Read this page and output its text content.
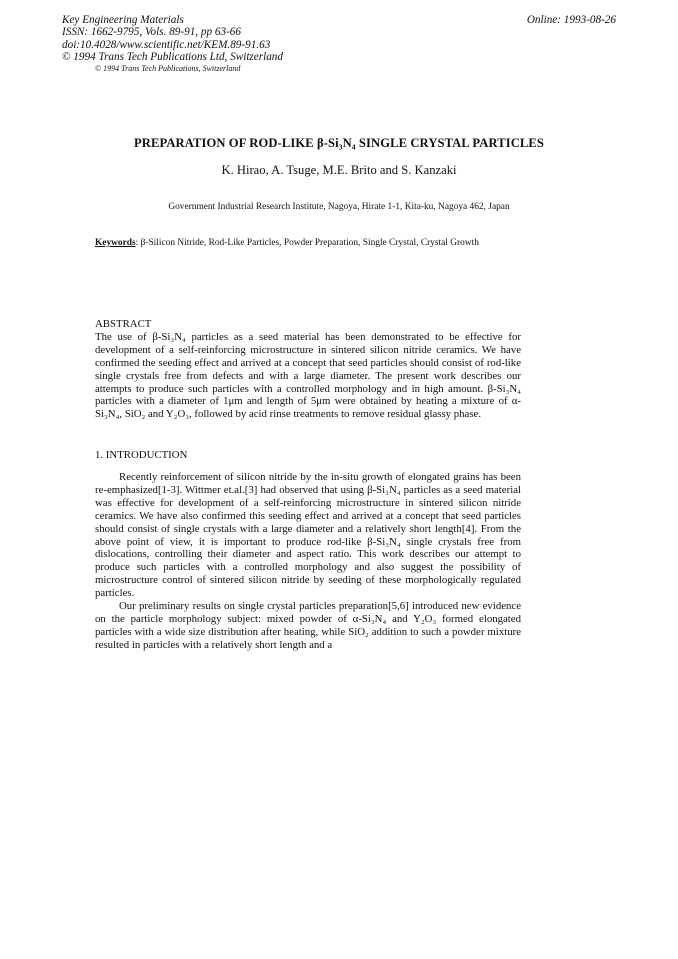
Key Engineering Materials
ISSN: 1662-9795, Vols. 89-91, pp 63-66
doi:10.4028/www.scientific.net/KEM.89-91.63
© 1994 Trans Tech Publications Ltd, Switzerland
© 1994 Trans Tech Publications, Switzerland
Online: 1993-08-26
PREPARATION OF ROD-LIKE β-Si₃N₄ SINGLE CRYSTAL PARTICLES
K. Hirao, A. Tsuge, M.E. Brito and S. Kanzaki
Government Industrial Research Institute, Nagoya, Hirate 1-1, Kita-ku, Nagoya 462, Japan
Keywords: β-Silicon Nitride, Rod-Like Particles, Powder Preparation, Single Crystal, Crystal Growth
ABSTRACT

The use of β-Si₃N₄ particles as a seed material has been demonstrated to be effective for development of a self-reinforcing microstructure in sintered silicon nitride ceramics. We have confirmed the seeding effect and arrived at a concept that seed particles should consist of rod-like single crystals free from defects and with a large diameter. The present work describes our attempts to produce such particles with a controlled morphology and in high amount. β-Si₃N₄ particles with a diameter of 1μm and length of 5μm were obtained by heating a mixture of α-Si₃N₄, SiO₂ and Y₂O₃, followed by acid rinse treatments to remove residual glassy phase.

1. INTRODUCTION

Recently reinforcement of silicon nitride by the in-situ growth of elongated grains has been re-emphasized[1-3]. Wittmer et.al.[3] had observed that using β-Si₃N₄ particles as a seed material was effective for development of a self-reinforcing microstructure in sintered silicon nitride ceramics. We have also confirmed this seeding effect and arrived at a concept that seed particles should consist of single crystals with a large diameter and a relatively short length[4]. From the above point of view, it is important to produce rod-like β-Si₃N₄ single crystals free from dislocations, controlling their diameter and aspect ratio. This work describes our attempt to produce such particles with a controlled morphology and also suggest the possibility of microstructure control of sintered silicon nitride by seeding of these morphologically regulated particles.

Our preliminary results on single crystal particles preparation[5,6] introduced new evidence on the particle morphology subject: mixed powder of α-Si₃N₄ and Y₂O₃ formed elongated particles with a wide size distribution after heating, while SiO₂ addition to such a powder mixture resulted in particles with a relatively short length and a
